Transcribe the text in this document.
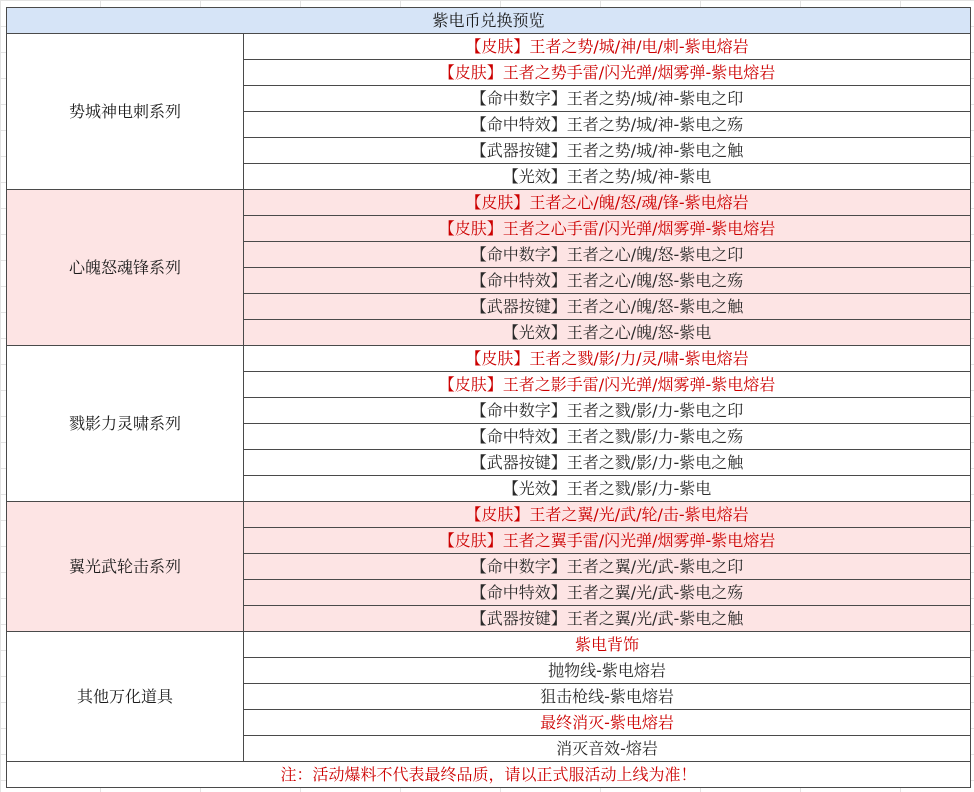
紫电币兑换预览	
势城神电刺系列	【皮肤】王者之势/城/神/电/刺-紫电熔岩
	【皮肤】王者之势手雷/闪光弹/烟雾弹-紫电熔岩
	【命中数字】王者之势/城/神-紫电之印
	【命中特效】王者之势/城/神-紫电之殇
	【武器按键】王者之势/城/神-紫电之触
	【光效】王者之势/城/神-紫电
心魄怒魂锋系列	【皮肤】王者之心/魄/怒/魂/锋-紫电熔岩
	【皮肤】王者之心手雷/闪光弹/烟雾弹-紫电熔岩
	【命中数字】王者之心/魄/怒-紫电之印
	【命中特效】王者之心/魄/怒-紫电之殇
	【武器按键】王者之心/魄/怒-紫电之触
	【光效】王者之心/魄/怒-紫电
戮影力灵啸系列	【皮肤】王者之戮/影/力/灵/啸-紫电熔岩
	【皮肤】王者之影手雷/闪光弹/烟雾弹-紫电熔岩
	【命中数字】王者之戮/影/力-紫电之印
	【命中特效】王者之戮/影/力-紫电之殇
	【武器按键】王者之戮/影/力-紫电之触
	【光效】王者之戮/影/力-紫电
翼光武轮击系列	【皮肤】王者之翼/光/武/轮/击-紫电熔岩
	【皮肤】王者之翼手雷/闪光弹/烟雾弹-紫电熔岩
	【命中数字】王者之翼/光/武-紫电之印
	【命中特效】王者之翼/光/武-紫电之殇
	【武器按键】王者之翼/光/武-紫电之触
其他万化道具	紫电背饰
	抛物线-紫电熔岩
	狙击枪线-紫电熔岩
	最终消灭-紫电熔岩
	消灭音效-熔岩
注：活动爆料不代表最终品质，请以正式服活动上线为准！	
